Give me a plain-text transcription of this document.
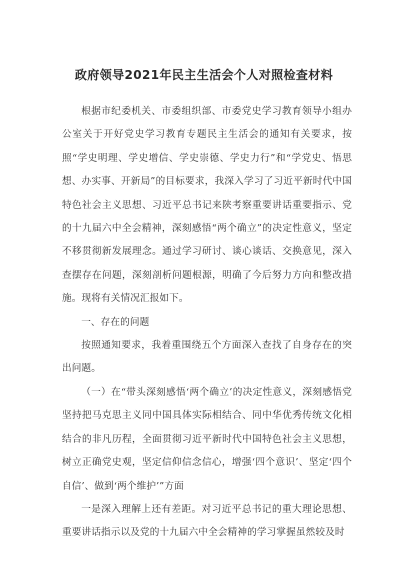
政府领导2021年民主生活会个人对照检查材料

根据市纪委机关、市委组织部、市委党史学习教育领导小组办公室关于开好党史学习教育专题民主生活会的通知有关要求，按照“学史明理、学史增信、学史崇德、学史力行”和“学党史、悟思想、办实事、开新局”的目标要求，我深入学习了习近平新时代中国特色社会主义思想、习近平总书记来陕考察重要讲话重要指示、党的十九届六中全会精神，深刻感悟“两个确立”的决定性意义，坚定不移贯彻新发展理念。通过学习研讨、谈心谈话、交换意见，深入查摆存在问题，深刻剖析问题根源，明确了今后努力方向和整改措施。现将有关情况汇报如下。

一、存在的问题

按照通知要求，我着重围绕五个方面深入查找了自身存在的突出问题。

（一）在“带头深刻感悟‘两个确立’的决定性意义，深刻感悟党坚持把马克思主义同中国具体实际相结合、同中华优秀传统文化相结合的非凡历程，全面贯彻习近平新时代中国特色社会主义思想，树立正确党史观，坚定信仰信念信心，增强‘四个意识’、坚定‘四个自信’、做到‘两个维护’”方面

一是深入理解上还有差距。对习近平总书记的重大理论思想、重要讲话指示以及党的十九届六中全会精神的学习掌握虽然较及时
